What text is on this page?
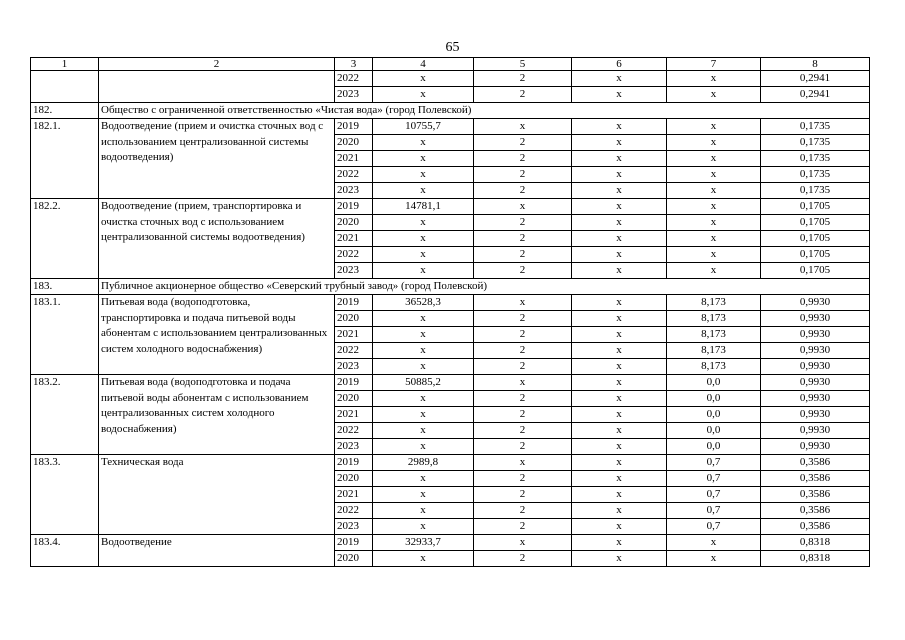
65
1	2	3	4	5	6	7	8
		2022	х	2	х	х	0,2941
		2023	х	2	х	х	0,2941
182.	Общество с ограниченной ответственностью «Чистая вода» (город Полевской)						
182.1.	Водоотведение (прием и очистка сточных вод с использованием централизованной системы водоотведения)	2019	10755,7	х	х	х	0,1735
		2020	х	2	х	х	0,1735
		2021	х	2	х	х	0,1735
		2022	х	2	х	х	0,1735
		2023	х	2	х	х	0,1735
182.2.	Водоотведение (прием, транспортировка и очистка сточных вод с использованием централизованной системы водоотведения)	2019	14781,1	х	х	х	0,1705
		2020	х	2	х	х	0,1705
		2021	х	2	х	х	0,1705
		2022	х	2	х	х	0,1705
		2023	х	2	х	х	0,1705
183.	Публичное акционерное общество «Северский трубный завод» (город Полевской)						
183.1.	Питьевая вода (водоподготовка, транспортировка и подача питьевой воды абонентам с использованием централизованных систем холодного водоснабжения)	2019	36528,3	х	х	8,173	0,9930
		2020	х	2	х	8,173	0,9930
		2021	х	2	х	8,173	0,9930
		2022	х	2	х	8,173	0,9930
		2023	х	2	х	8,173	0,9930
183.2.	Питьевая вода (водоподготовка и подача питьевой воды абонентам с использованием централизованных систем холодного водоснабжения)	2019	50885,2	х	х	0,0	0,9930
		2020	х	2	х	0,0	0,9930
		2021	х	2	х	0,0	0,9930
		2022	х	2	х	0,0	0,9930
		2023	х	2	х	0,0	0,9930
183.3.	Техническая вода	2019	2989,8	х	х	0,7	0,3586
		2020	х	2	х	0,7	0,3586
		2021	х	2	х	0,7	0,3586
		2022	х	2	х	0,7	0,3586
		2023	х	2	х	0,7	0,3586
183.4.	Водоотведение	2019	32933,7	х	х	х	0,8318
		2020	х	2	х	х	0,8318
